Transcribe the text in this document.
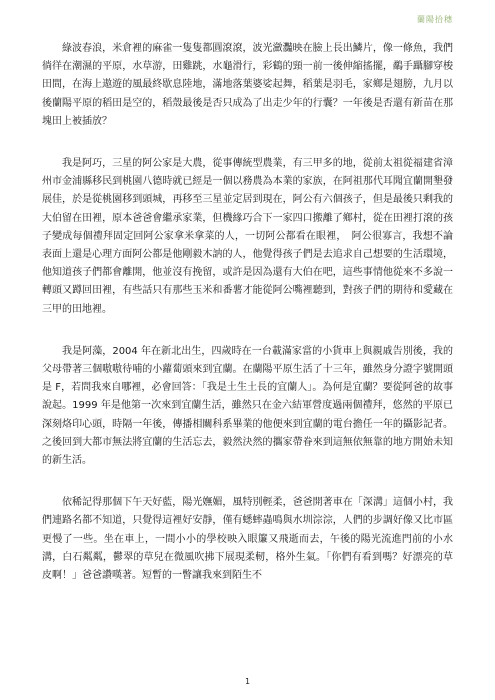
蘭陽拾穗

綠波春浪，米倉裡的麻雀一隻隻都圓滾滾，波光瀲灩映在臉上長出鱗片，像一條魚，我們徜徉在潮濕的平原，水草游，田雞跳，水龜滑行，彩鶴的頸一前一後伸縮搖擺，鷸手躡腳穿梭田間，在海上遨遊的風最終歇息陸地，滿地落葉婆娑起舞，稻葉是羽毛，家鄉是翅膀，九月以後蘭陽平原的稻田是空的，稻殼最後是否只成為了出走少年的行囊？一年後是否還有新苗在那塊田上被插放？

我是阿巧，三星的阿公家是大農，從事傳統型農業，有三甲多的地，從前太祖從福建省漳州市金浦縣移民到桃園八德時就已經是一個以務農為本業的家族，在阿祖那代耳聞宜蘭開墾發展佳，於是從桃園移到頭城，再移至三星並定居到現在，阿公有六個孩子，但是最後只剩我的大伯留在田裡，原本爸爸會繼承家業，但機緣巧合下一家四口搬離了鄉村，從在田裡打滾的孩子變成每個禮拜固定回阿公家拿米拿菜的人，一切阿公都看在眼裡，　阿公很寡言，我想不論表面上還是心理方面阿公都是他剛毅木訥的人，他覺得孩子們是去追求自己想要的生活環境，他知道孩子們都會離開，他並沒有挽留，或許是因為還有大伯在吧，這些事情他從來不多說一轉頭又蹲回田裡，有些話只有那些玉米和番薯才能從阿公嘴裡聽到，對孩子們的期待和愛藏在三甲的田地裡。

我是阿藻，2004 年在新北出生，四歲時在一台載滿家當的小貨車上與親戚告別後，我的父母帶著三個嗷嗷待哺的小蘿蔔頭來到宜蘭。在蘭陽平原生活了十三年，雖然身分證字號開頭是 F，若問我來自哪裡，必會回答：「我是土生土長的宜蘭人」。為何是宜蘭？要從阿爸的故事說起。1999 年是他第一次來到宜蘭生活，雖然只在金六結軍營度過兩個禮拜，悠然的平原已深刻烙印心頭，時隔一年後，傳播相關科系畢業的他便來到宜蘭的電台擔任一年的攝影記者。之後回到大都市無法將宜蘭的生活忘去，毅然決然的攜家帶眷來到這無依無靠的地方開始未知的新生活。

依稀記得那個下午天好藍，陽光嫵媚，風特別輕柔，爸爸開著車在「深溝」這個小村，我們連路名都不知道，只覺得這裡好安靜，僅有蟋蟀蟲鳴與水圳淙淙，人們的步調好像又比市區更慢了一些。坐在車上，一間小小的學校映入眼簾又飛逝而去，午後的陽光流進門前的小水溝，白石粼粼，鬱翠的草兒在微風吹拂下展現柔軔，格外生氣。「你們有看到嗎？好漂亮的草皮啊！」爸爸讚嘆著。短暫的一瞥讓我來到陌生不

1
